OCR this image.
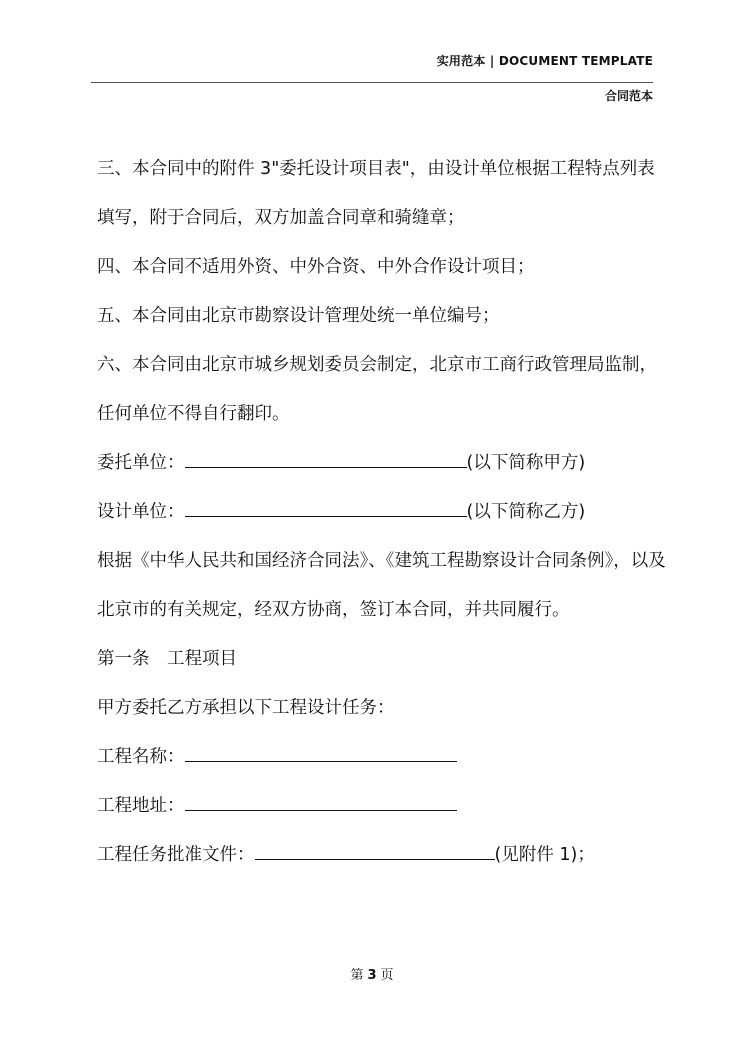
实用范本 | DOCUMENT TEMPLATE
合同范本

三、本合同中的附件 3"委托设计项目表"，由设计单位根据工程特点列表填写，附于合同后，双方加盖合同章和骑缝章；

四、本合同不适用外资、中外合资、中外合作设计项目；

五、本合同由北京市勘察设计管理处统一单位编号；

六、本合同由北京市城乡规划委员会制定，北京市工商行政管理局监制，任何单位不得自行翻印。

委托单位：	(以下简称甲方)

设计单位：	(以下简称乙方)

根据《中华人民共和国经济合同法》、《建筑工程勘察设计合同条例》，以及北京市的有关规定，经双方协商，签订本合同，并共同履行。

第一条　工程项目

甲方委托乙方承担以下工程设计任务：

工程名称：

工程地址：

工程任务批准文件：	(见附件 1)；

第 3 页
